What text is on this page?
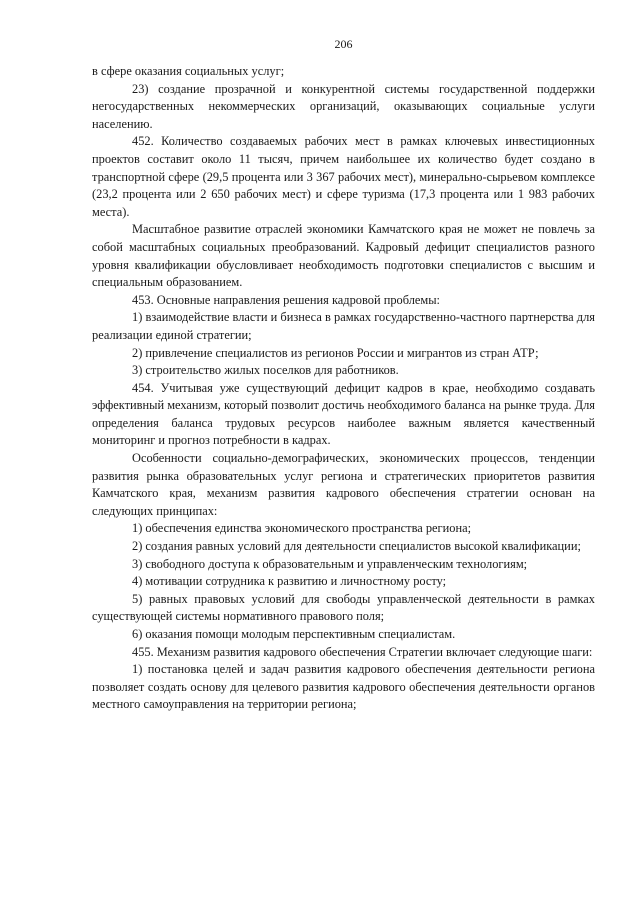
206

в сфере оказания социальных услуг;

23) создание прозрачной и конкурентной системы государственной поддержки негосударственных некоммерческих организаций, оказывающих социальные услуги населению.

452. Количество создаваемых рабочих мест в рамках ключевых инвестиционных проектов составит около 11 тысяч, причем наибольшее их количество будет создано в транспортной сфере (29,5 процента или 3 367 рабочих мест), минерально-сырьевом комплексе (23,2 процента или 2 650 рабочих мест) и сфере туризма (17,3 процента или 1 983 рабочих места).

Масштабное развитие отраслей экономики Камчатского края не может не повлечь за собой масштабных социальных преобразований. Кадровый дефицит специалистов разного уровня квалификации обусловливает необходимость подготовки специалистов с высшим и специальным образованием.

453. Основные направления решения кадровой проблемы:

1) взаимодействие власти и бизнеса в рамках государственно-частного партнерства для реализации единой стратегии;

2) привлечение специалистов из регионов России и мигрантов из стран АТР;

3) строительство жилых поселков для работников.

454. Учитывая уже существующий дефицит кадров в крае, необходимо создавать эффективный механизм, который позволит достичь необходимого баланса на рынке труда. Для определения баланса трудовых ресурсов наиболее важным является качественный мониторинг и прогноз потребности в кадрах.

Особенности социально-демографических, экономических процессов, тенденции развития рынка образовательных услуг региона и стратегических приоритетов развития Камчатского края, механизм развития кадрового обеспечения стратегии основан на следующих принципах:

1) обеспечения единства экономического пространства региона;

2) создания равных условий для деятельности специалистов высокой квалификации;

3) свободного доступа к образовательным и управленческим технологиям;

4) мотивации сотрудника к развитию и личностному росту;

5) равных правовых условий для свободы управленческой деятельности в рамках существующей системы нормативного правового поля;

6) оказания помощи молодым перспективным специалистам.

455. Механизм развития кадрового обеспечения Стратегии включает следующие шаги:

1) постановка целей и задач развития кадрового обеспечения деятельности региона позволяет создать основу для целевого развития кадрового обеспечения деятельности органов местного самоуправления на территории региона;
